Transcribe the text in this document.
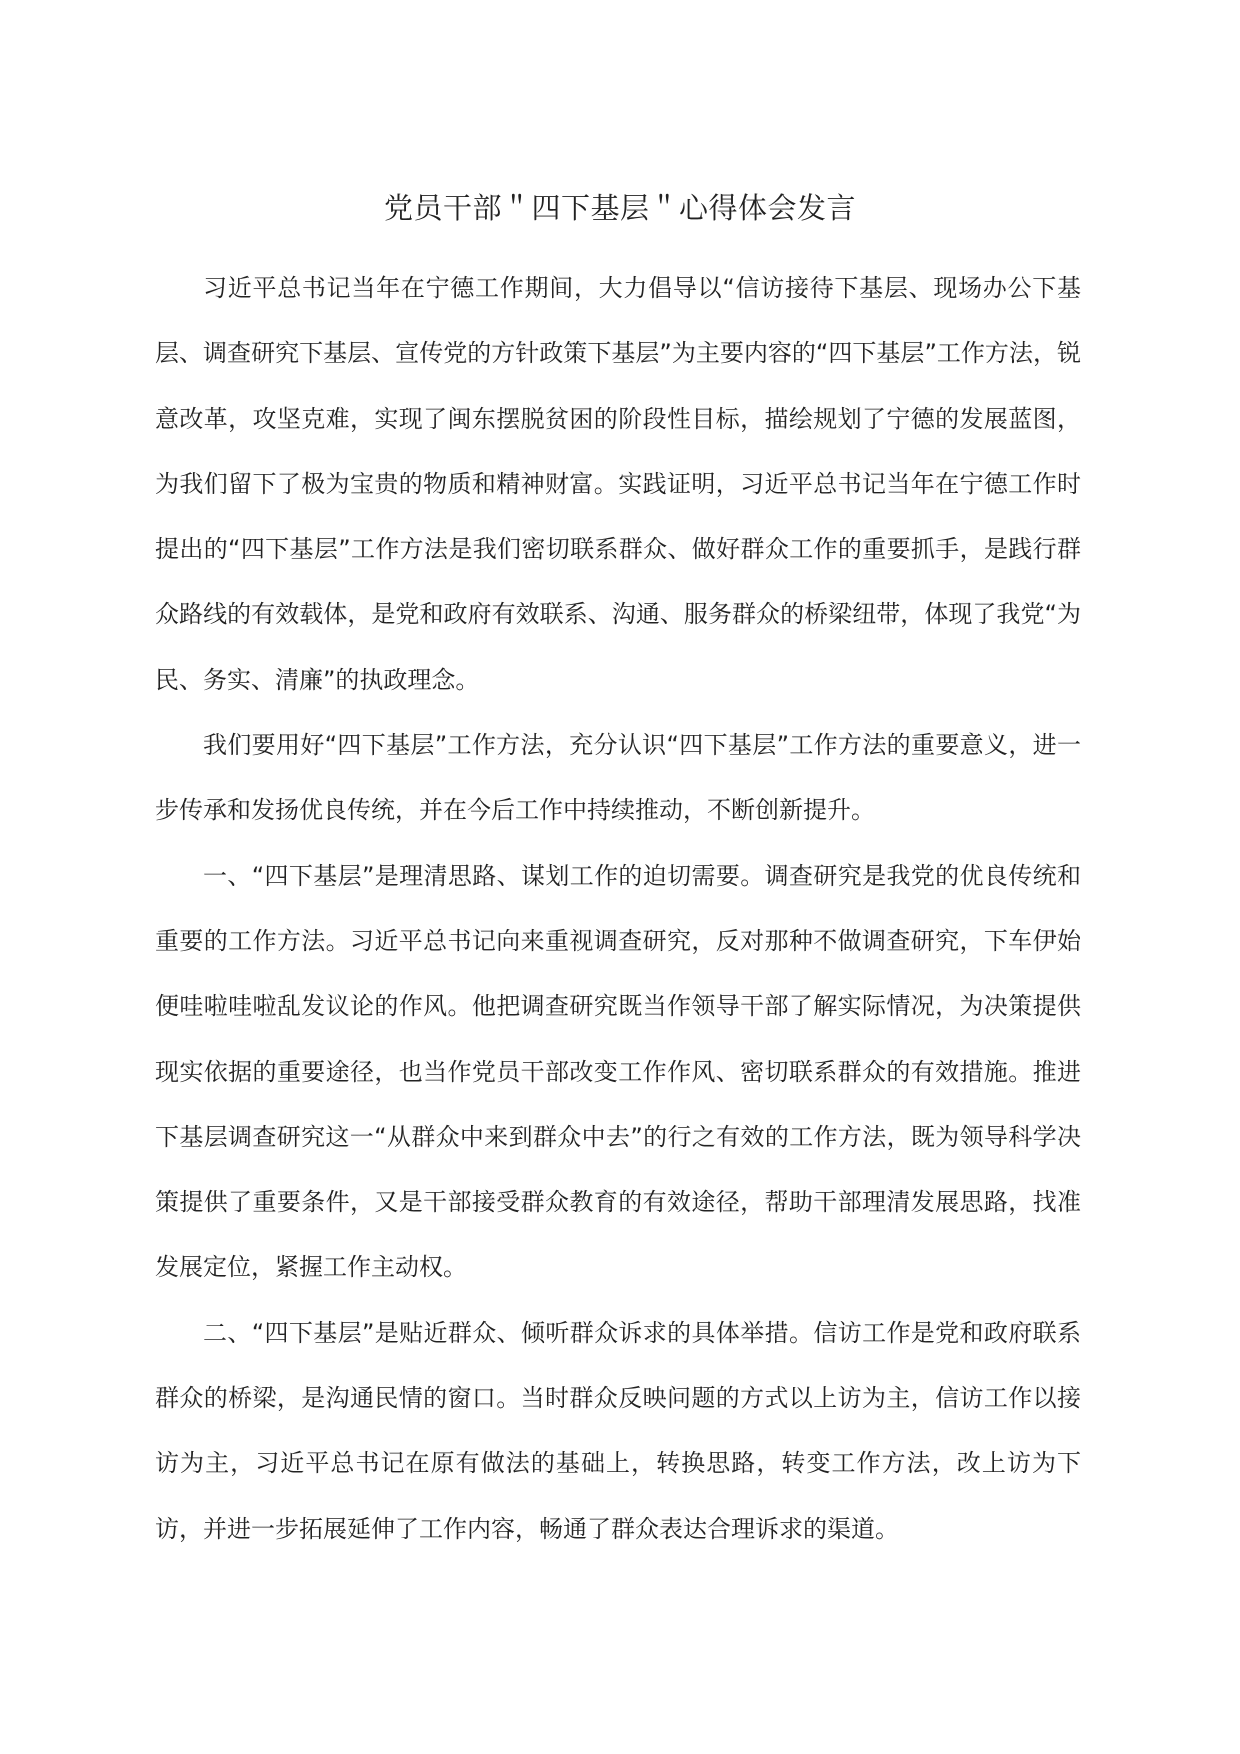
党员干部＂四下基层＂心得体会发言

习近平总书记当年在宁德工作期间，大力倡导以“信访接待下基层、现场办公下基层、调查研究下基层、宣传党的方针政策下基层”为主要内容的“四下基层”工作方法，锐意改革，攻坚克难，实现了闽东摆脱贫困的阶段性目标，描绘规划了宁德的发展蓝图，为我们留下了极为宝贵的物质和精神财富。实践证明，习近平总书记当年在宁德工作时提出的“四下基层”工作方法是我们密切联系群众、做好群众工作的重要抓手，是践行群众路线的有效载体，是党和政府有效联系、沟通、服务群众的桥梁纽带，体现了我党“为民、务实、清廉”的执政理念。

我们要用好“四下基层”工作方法，充分认识“四下基层”工作方法的重要意义，进一步传承和发扬优良传统，并在今后工作中持续推动，不断创新提升。

一、“四下基层”是理清思路、谋划工作的迫切需要。调查研究是我党的优良传统和重要的工作方法。习近平总书记向来重视调查研究，反对那种不做调查研究，下车伊始便哇啦哇啦乱发议论的作风。他把调查研究既当作领导干部了解实际情况，为决策提供现实依据的重要途径，也当作党员干部改变工作作风、密切联系群众的有效措施。推进下基层调查研究这一“从群众中来到群众中去”的行之有效的工作方法，既为领导科学决策提供了重要条件，又是干部接受群众教育的有效途径，帮助干部理清发展思路，找准发展定位，紧握工作主动权。

二、“四下基层”是贴近群众、倾听群众诉求的具体举措。信访工作是党和政府联系群众的桥梁，是沟通民情的窗口。当时群众反映问题的方式以上访为主，信访工作以接访为主，习近平总书记在原有做法的基础上，转换思路，转变工作方法，改上访为下访，并进一步拓展延伸了工作内容，畅通了群众表达合理诉求的渠道。
